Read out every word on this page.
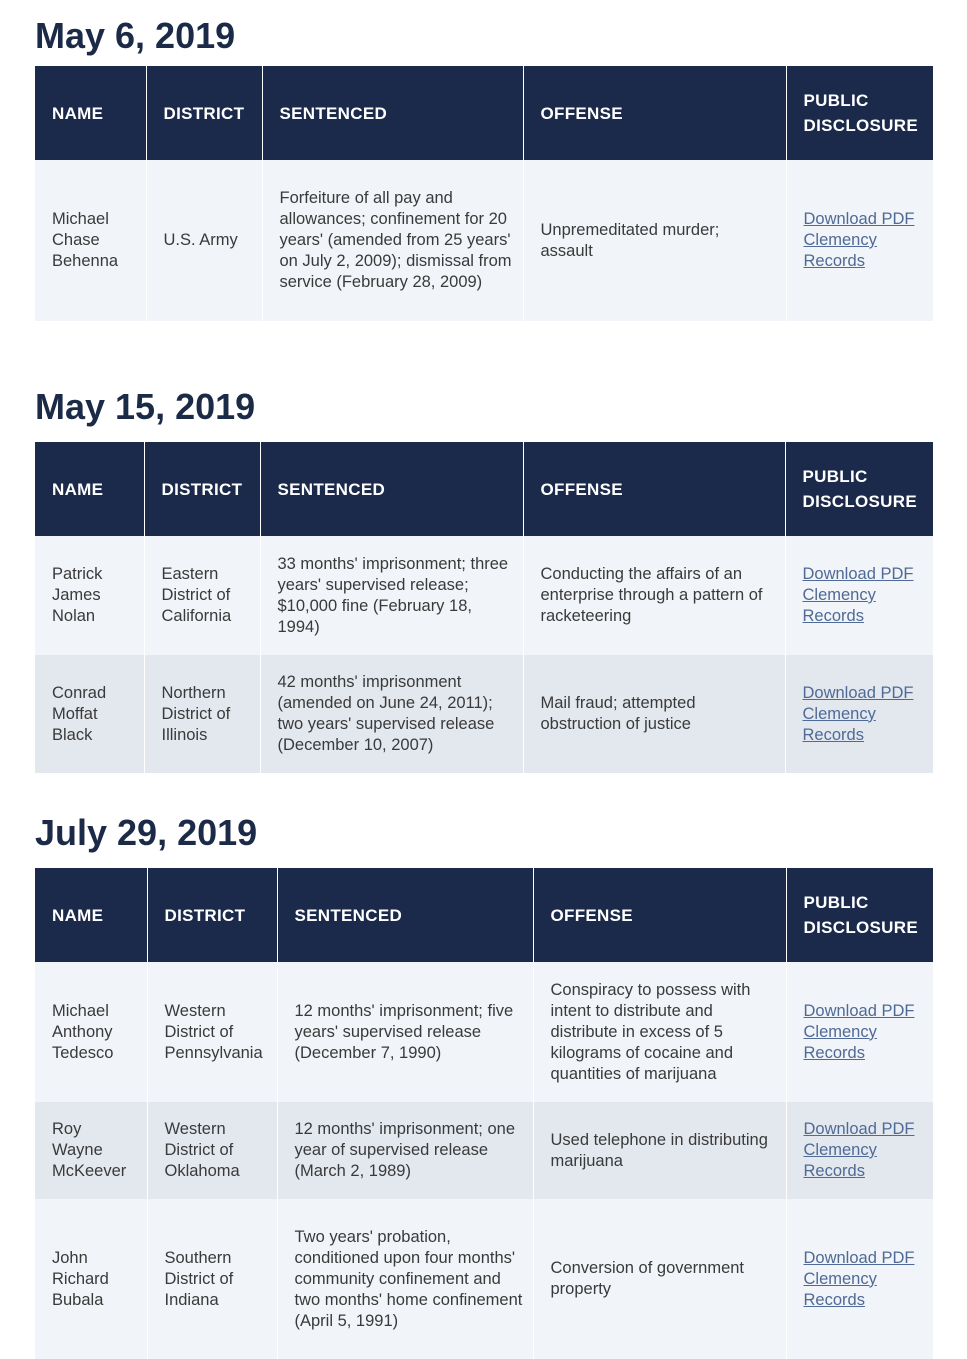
May 6, 2019
NAME	DISTRICT	SENTENCED	OFFENSE	PUBLIC DISCLOSURE
Michael Chase Behenna	U.S. Army	Forfeiture of all pay and allowances; confinement for 20 years' (amended from 25 years' on July 2, 2009); dismissal from service (February 28, 2009)	Unpremeditated murder; assault	Download PDF Clemency Records
May 15, 2019
NAME	DISTRICT	SENTENCED	OFFENSE	PUBLIC DISCLOSURE
Patrick James Nolan	Eastern District of California	33 months' imprisonment; three years' supervised release; $10,000 fine (February 18, 1994)	Conducting the affairs of an enterprise through a pattern of racketeering	Download PDF Clemency Records
Conrad Moffat Black	Northern District of Illinois	42 months' imprisonment (amended on June 24, 2011); two years' supervised release (December 10, 2007)	Mail fraud; attempted obstruction of justice	Download PDF Clemency Records
July 29, 2019
NAME	DISTRICT	SENTENCED	OFFENSE	PUBLIC DISCLOSURE
Michael Anthony Tedesco	Western District of Pennsylvania	12 months' imprisonment; five years' supervised release (December 7, 1990)	Conspiracy to possess with intent to distribute and distribute in excess of 5 kilograms of cocaine and quantities of marijuana	Download PDF Clemency Records
Roy Wayne McKeever	Western District of Oklahoma	12 months' imprisonment; one year of supervised release (March 2, 1989)	Used telephone in distributing marijuana	Download PDF Clemency Records
John Richard Bubala	Southern District of Indiana	Two years' probation, conditioned upon four months' community confinement and two months' home confinement (April 5, 1991)	Conversion of government property	Download PDF Clemency Records
